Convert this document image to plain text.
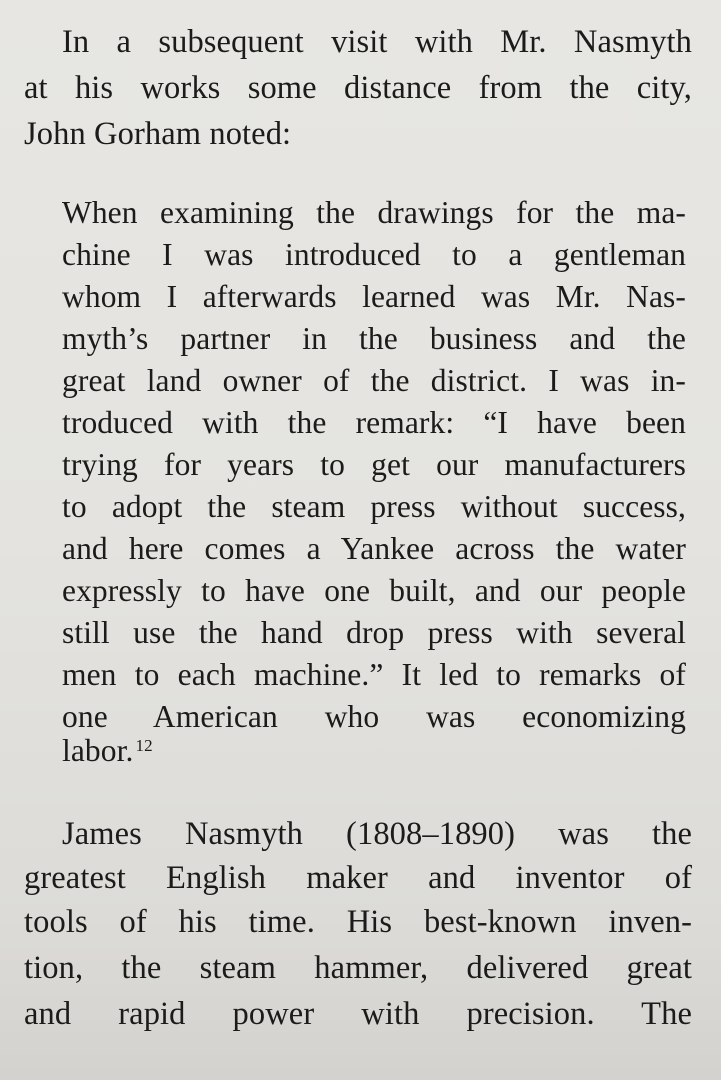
In a subsequent visit with Mr. Nasmyth

at his works some distance from the city,

John Gorham noted:

When examining the drawings for the ma-

chine I was introduced to a gentleman

whom I afterwards learned was Mr. Nas-

myth’s partner in the business and the

great land owner of the district. I was in-

troduced with the remark: “I have been

trying for years to get our manufacturers

to adopt the steam press without success,

and here comes a Yankee across the water

expressly to have one built, and our people

still use the hand drop press with several

men to each machine.” It led to remarks of

one American who was economizing

labor. $^{12}$

James Nasmyth (1808–1890) was the

greatest English maker and inventor of

tools of his time. His best-known inven-

tion, the steam hammer, delivered great

and rapid power with precision. The
